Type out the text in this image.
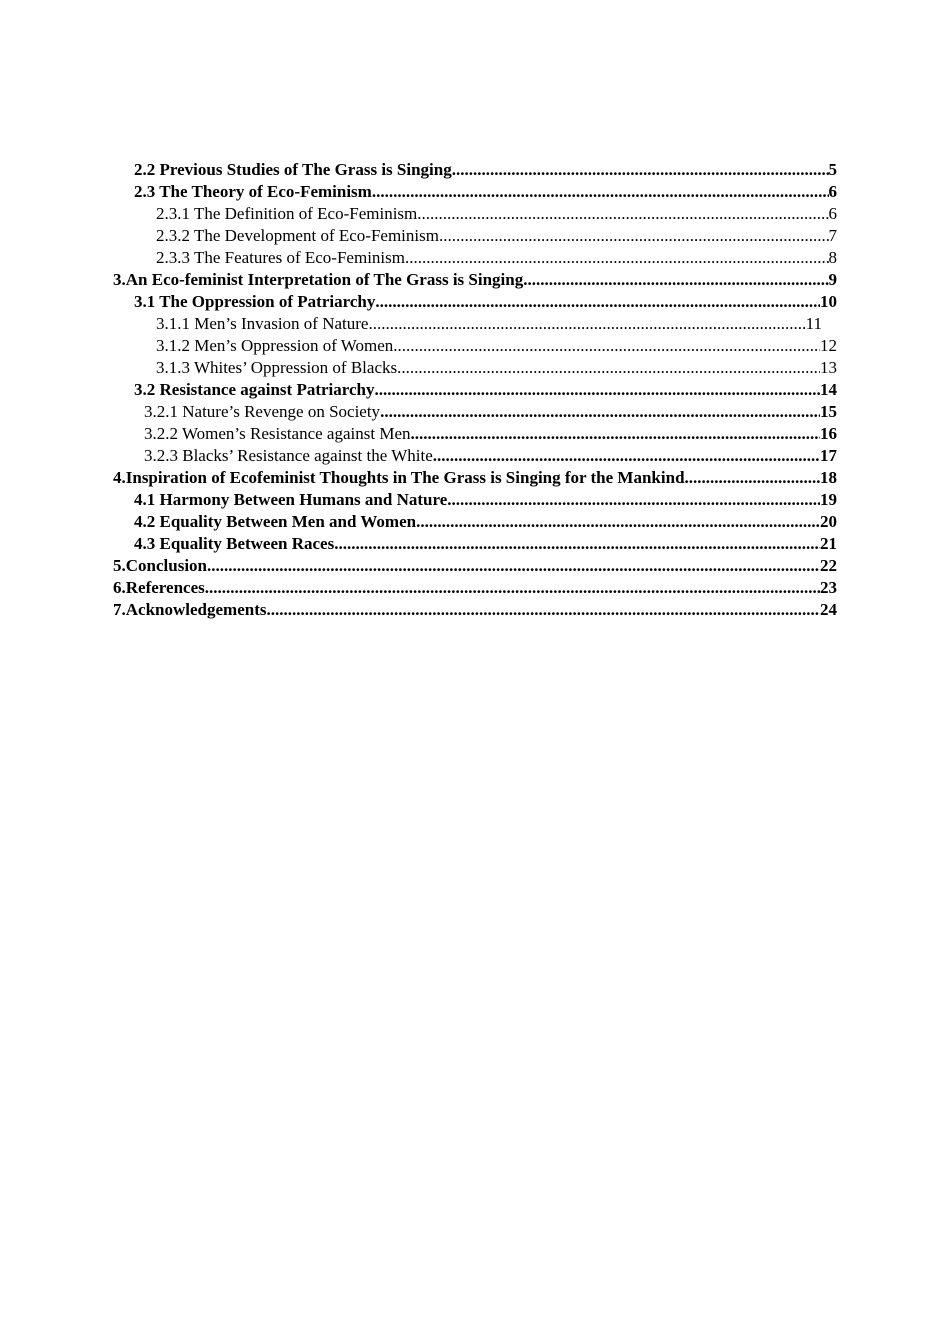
2.2 Previous Studies of The Grass is Singing .....	5
2.3 The Theory of Eco-Feminism .....	6
2.3.1 The Definition of Eco-Feminism .....	6
2.3.2 The Development of Eco-Feminism .....	7
2.3.3 The Features of Eco-Feminism .....	8
3.An Eco-feminist Interpretation of The Grass is Singing .....	9
3.1 The Oppression of Patriarchy .....	10
3.1.1 Men’s Invasion of Nature .....	11
3.1.2 Men’s Oppression of Women .....	12
3.1.3 Whites’ Oppression of Blacks .....	13
3.2 Resistance against Patriarchy .....	14
3.2.1 Nature’s Revenge on Society .....	15
3.2.2 Women’s Resistance against Men .....	16
3.2.3 Blacks’ Resistance against the White .....	17
4.Inspiration of Ecofeminist Thoughts in The Grass is Singing for the Mankind .....	18
4.1 Harmony Between Humans and Nature .....	19
4.2 Equality Between Men and Women .....	20
4.3 Equality Between Races .....	21
5.Conclusion .....	22
6.References .....	23
7.Acknowledgements .....	24
